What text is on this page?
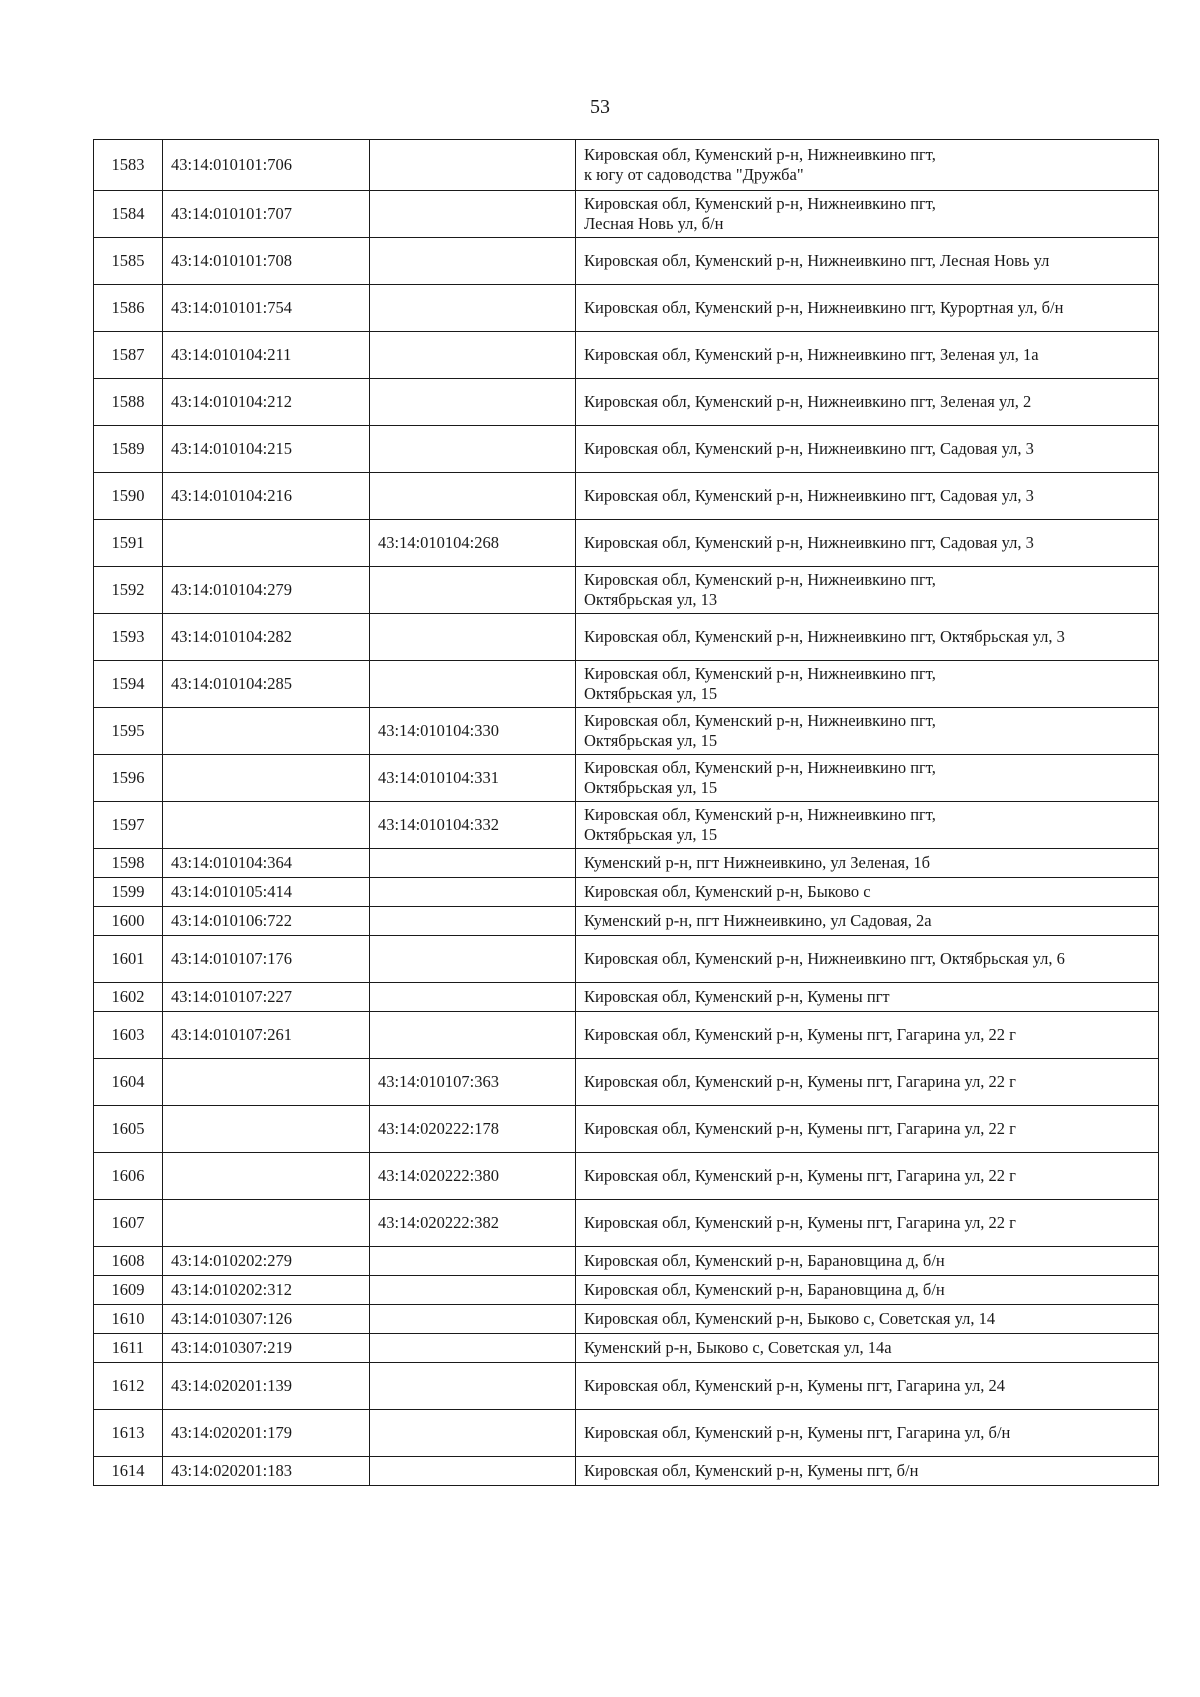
53
1583	43:14:010101:706		Кировская обл, Куменский р-н, Нижнеивкино пгт,
к югу от садоводства "Дружба"

1584	43:14:010101:707		Кировская обл, Куменский р-н, Нижнеивкино пгт,
Лесная Новь ул, б/н

1585	43:14:010101:708		Кировская обл, Куменский р-н, Нижнеивкино пгт, Лесная Новь ул

1586	43:14:010101:754		Кировская обл, Куменский р-н, Нижнеивкино пгт, Курортная ул, б/н

1587	43:14:010104:211		Кировская обл, Куменский р-н, Нижнеивкино пгт, Зеленая ул, 1а

1588	43:14:010104:212		Кировская обл, Куменский р-н, Нижнеивкино пгт, Зеленая ул, 2

1589	43:14:010104:215		Кировская обл, Куменский р-н, Нижнеивкино пгт, Садовая ул, 3

1590	43:14:010104:216		Кировская обл, Куменский р-н, Нижнеивкино пгт, Садовая ул, 3

1591		43:14:010104:268	Кировская обл, Куменский р-н, Нижнеивкино пгт, Садовая ул, 3

1592	43:14:010104:279		Кировская обл, Куменский р-н, Нижнеивкино пгт,
Октябрьская ул, 13

1593	43:14:010104:282		Кировская обл, Куменский р-н, Нижнеивкино пгт, Октябрьская ул, 3

1594	43:14:010104:285		Кировская обл, Куменский р-н, Нижнеивкино пгт,
Октябрьская ул, 15

1595		43:14:010104:330	Кировская обл, Куменский р-н, Нижнеивкино пгт,
Октябрьская ул, 15

1596		43:14:010104:331	Кировская обл, Куменский р-н, Нижнеивкино пгт,
Октябрьская ул, 15

1597		43:14:010104:332	Кировская обл, Куменский р-н, Нижнеивкино пгт,
Октябрьская ул, 15

1598	43:14:010104:364		Куменский р-н, пгт Нижнеивкино, ул Зеленая, 1б

1599	43:14:010105:414		Кировская обл, Куменский р-н, Быково с

1600	43:14:010106:722		Куменский р-н, пгт Нижнеивкино, ул Садовая, 2а

1601	43:14:010107:176		Кировская обл, Куменский р-н, Нижнеивкино пгт, Октябрьская ул, 6

1602	43:14:010107:227		Кировская обл, Куменский р-н, Кумены пгт

1603	43:14:010107:261		Кировская обл, Куменский р-н, Кумены пгт, Гагарина ул, 22 г

1604		43:14:010107:363	Кировская обл, Куменский р-н, Кумены пгт, Гагарина ул, 22 г

1605		43:14:020222:178	Кировская обл, Куменский р-н, Кумены пгт, Гагарина ул, 22 г

1606		43:14:020222:380	Кировская обл, Куменский р-н, Кумены пгт, Гагарина ул, 22 г

1607		43:14:020222:382	Кировская обл, Куменский р-н, Кумены пгт, Гагарина ул, 22 г

1608	43:14:010202:279		Кировская обл, Куменский р-н, Барановщина д, б/н

1609	43:14:010202:312		Кировская обл, Куменский р-н, Барановщина д, б/н

1610	43:14:010307:126		Кировская обл, Куменский р-н, Быково с, Советская ул, 14

1611	43:14:010307:219		Куменский р-н, Быково с, Советская ул, 14а

1612	43:14:020201:139		Кировская обл, Куменский р-н, Кумены пгт, Гагарина ул, 24

1613	43:14:020201:179		Кировская обл, Куменский р-н, Кумены пгт, Гагарина ул, б/н

1614	43:14:020201:183		Кировская обл, Куменский р-н, Кумены пгт, б/н
